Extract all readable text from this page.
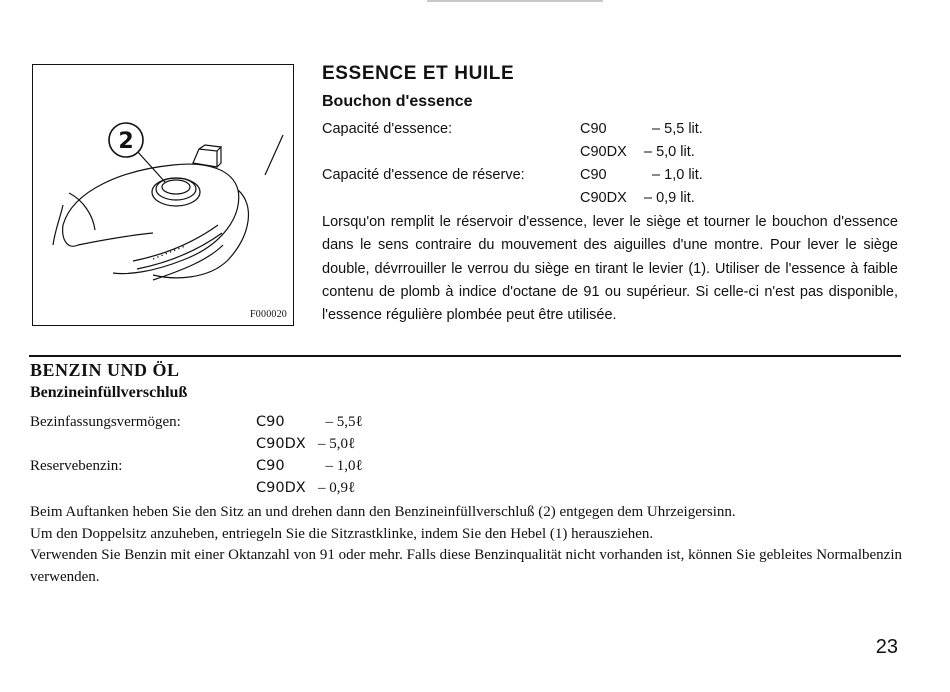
• • • • • • • •
2
F000020
ESSENCE ET HUILE
Bouchon d'essence
Capacité d'essence:	C90	– 5,5 lit.
C90DX – 5,0 lit.
Capacité d'essence de réserve:	C90	– 1,0 lit.
C90DX – 0,9 lit.

Lorsqu'on remplit le réservoir d'essence, lever le siège et tourner le bouchon d'essence dans le sens contraire du mouvement des aiguilles d'une montre. Pour lever le siège double, dévrrouiller le verrou du siège en tirant le levier (1). Utiliser de l'essence à faible contenu de plomb à indice d'octane de 91 ou supérieur. Si celle-ci n'est pas disponible, l'essence régulière plombée peut être utilisée.

BENZIN UND ÖL
Benzineinfüllverschluß
Bezinfassungsvermögen:	C90 – 5,5ℓ
C90DX – 5,0ℓ
Reservebenzin:	C90 – 1,0ℓ
C90DX – 0,9ℓ

Beim Auftanken heben Sie den Sitz an und drehen dann den Benzineinfüllverschluß (2) entgegen dem Uhrzeigersinn.

Um den Doppelsitz anzuheben, entriegeln Sie die Sitzrastklinke, indem Sie den Hebel (1) herausziehen.

Verwenden Sie Benzin mit einer Oktanzahl von 91 oder mehr. Falls diese Benzinqualität nicht vorhanden ist, können Sie gebleites Normalbenzin verwenden.

23
